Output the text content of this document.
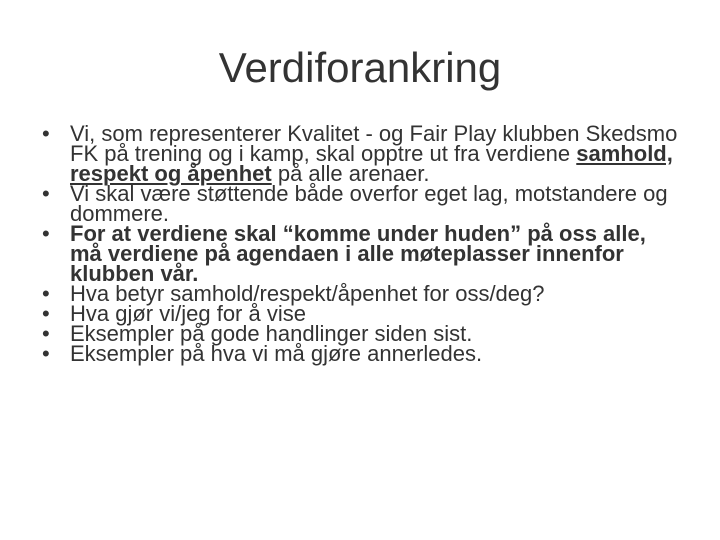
Verdiforankring
• Vi, som representerer Kvalitet - og Fair Play klubben Skedsmo FK på trening og i kamp, skal opptre ut fra verdiene samhold, respekt og åpenhet på alle arenaer.
• Vi skal være støttende både overfor eget lag, motstandere og dommere.
• For at verdiene skal “komme under huden” på oss alle, må verdiene på agendaen i alle møteplasser innenfor klubben vår.
• Hva betyr samhold/respekt/åpenhet for oss/deg?
• Hva gjør vi/jeg for å vise
• Eksempler på gode handlinger siden sist.
• Eksempler på hva vi må gjøre annerledes.
